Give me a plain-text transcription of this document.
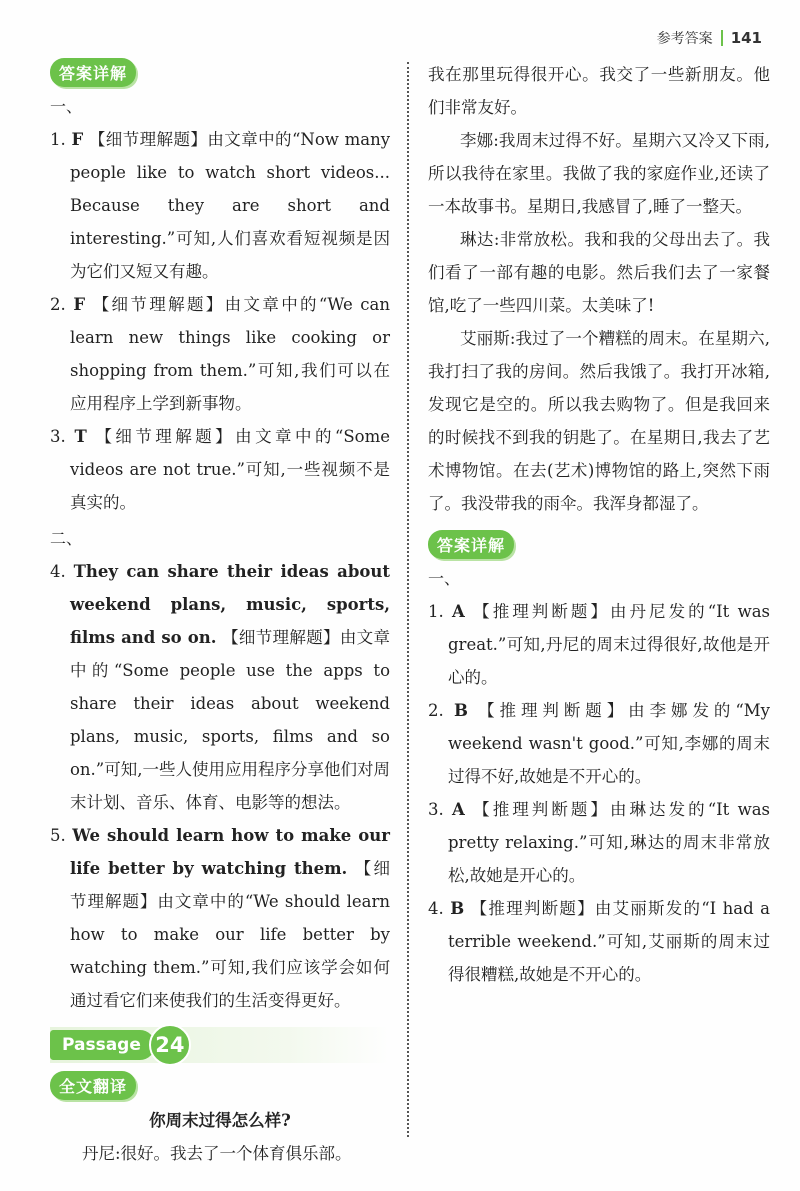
参考答案 141
答案详解
一、

1. F 【细节理解题】由文章中的“Now many people like to watch short videos... Because they are short and interesting.”可知,人们喜欢看短视频是因为它们又短又有趣。

2. F 【细节理解题】由文章中的“We can learn new things like cooking or shopping from them.”可知,我们可以在应用程序上学到新事物。

3. T 【细节理解题】由文章中的“Some videos are not true.”可知,一些视频不是真实的。

二、

4. They can share their ideas about weekend plans, music, sports, films and so on. 【细节理解题】由文章中的“Some people use the apps to share their ideas about weekend plans, music, sports, films and so on.”可知,一些人使用应用程序分享他们对周末计划、音乐、体育、电影等的想法。

5. We should learn how to make our life better by watching them. 【细节理解题】由文章中的“We should learn how to make our life better by watching them.”可知,我们应该学会如何通过看它们来使我们的生活变得更好。

Passage 24
全文翻译

你周末过得怎么样?

丹尼:很好。我去了一个体育俱乐部。

我在那里玩得很开心。我交了一些新朋友。他们非常友好。

李娜:我周末过得不好。星期六又冷又下雨,所以我待在家里。我做了我的家庭作业,还读了一本故事书。星期日,我感冒了,睡了一整天。

琳达:非常放松。我和我的父母出去了。我们看了一部有趣的电影。然后我们去了一家餐馆,吃了一些四川菜。太美味了!

艾丽斯:我过了一个糟糕的周末。在星期六,我打扫了我的房间。然后我饿了。我打开冰箱,发现它是空的。所以我去购物了。但是我回来的时候找不到我的钥匙了。在星期日,我去了艺术博物馆。在去(艺术)博物馆的路上,突然下雨了。我没带我的雨伞。我浑身都湿了。

答案详解
一、

1. A 【推理判断题】由丹尼发的“It was great.”可知,丹尼的周末过得很好,故他是开心的。

2. B 【推理判断题】由李娜发的“My weekend wasn't good.”可知,李娜的周末过得不好,故她是不开心的。

3. A 【推理判断题】由琳达发的“It was pretty relaxing.”可知,琳达的周末非常放松,故她是开心的。

4. B 【推理判断题】由艾丽斯发的“I had a terrible weekend.”可知,艾丽斯的周末过得很糟糕,故她是不开心的。
